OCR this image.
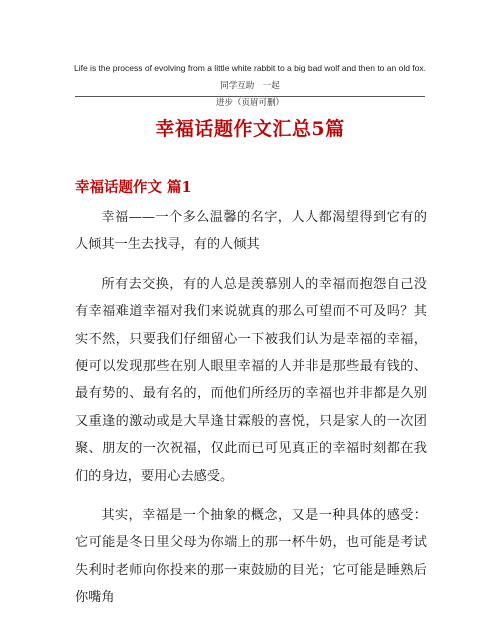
Life is the process of evolving from a little white rabbit to a big bad wolf and then to an old fox.同学互助　一起
进步（页眉可删）
幸福话题作文汇总5篇
幸福话题作文 篇1

幸福——一个多么温馨的名字，人人都渴望得到它有的人倾其一生去找寻，有的人倾其

所有去交换，有的人总是羡慕别人的幸福而抱怨自己没有幸福难道幸福对我们来说就真的那么可望而不可及吗？其实不然，只要我们仔细留心一下被我们认为是幸福的幸福，便可以发现那些在别人眼里幸福的人并非是那些最有钱的、最有势的、最有名的，而他们所经历的幸福也并非都是久别又重逢的激动或是大旱逢甘霖般的喜悦，只是家人的一次团聚、朋友的一次祝福，仅此而已可见真正的幸福时刻都在我们的身边，要用心去感受。

其实，幸福是一个抽象的概念，又是一种具体的感受：它可能是冬日里父母为你端上的那一杯牛奶，也可能是考试失利时老师向你投来的那一束鼓励的目光；它可能是睡熟后你嘴角
